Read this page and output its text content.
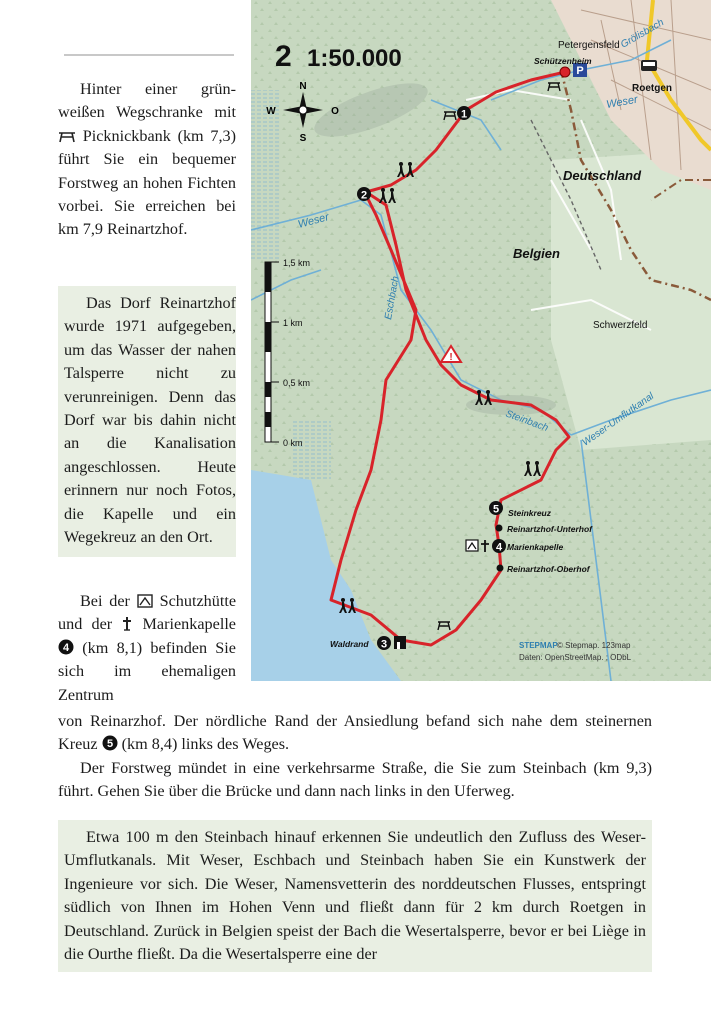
Hinter einer grün-weißen Wegschranke mit  Picknickbank (km 7,3) führt Sie ein bequemer Forstweg an hohen Fichten vorbei. Sie erreichen bei km 7,9 Reinartzhof.

Das Dorf Reinartzhof wurde 1971 aufgegeben, um das Wasser der nahen Talsperre nicht zu verunreinigen. Denn das Dorf war bis dahin nicht an die Kanalisation angeschlossen. Heute erinnern nur noch Fotos, die Kapelle und ein Wegekreuz an den Ort.

Bei der Schutzhütte und der Marienkapelle
4 (km 8,1) befinden Sie sich im ehemaligen Zentrum

von Reinarzhof. Der nördliche Rand der Ansiedlung befand sich nahe dem steinernen Kreuz 5 (km 8,4) links des Weges.

Der Forstweg mündet in eine verkehrsarme Straße, die Sie zum Steinbach (km 9,3) führt. Gehen Sie über die Brücke und dann nach links in den Uferweg.

Etwa 100 m den Steinbach hinauf erkennen Sie undeutlich den Zufluss des Weser-Umflutkanals. Mit Weser, Eschbach und Steinbach haben Sie ein Kunstwerk der Ingenieure vor sich. Die Weser, Namensvetterin des norddeutschen Flusses, entspringt südlich von Ihnen im Hohen Venn und fließt dann für 2 km durch Roetgen in Deutschland. Zurück in Belgien speist der Bach die Wesertalsperre, bevor er bei Liège in die Ourthe fließt. Da die Wesertalsperre eine der

1
2
3
4
5
P
!
2 1:50.000
N
S
W	O
1,5 km
1 km
0,5 km
0 km
Petergensfeld
Schützenheim
Roetgen
Deutschland
Belgien
Schwerzfeld
Steinkreuz
Reinartzhof-Unterhof
Marienkapelle
Reinartzhof-Oberhof
Waldrand
Grölisbach
Weser
Weser
Eschbach
Steinbach	Weser-Umflutkanal
STEPMAP © Stepmap. 123map
Daten: OpenStreetMap. ; ODbL
